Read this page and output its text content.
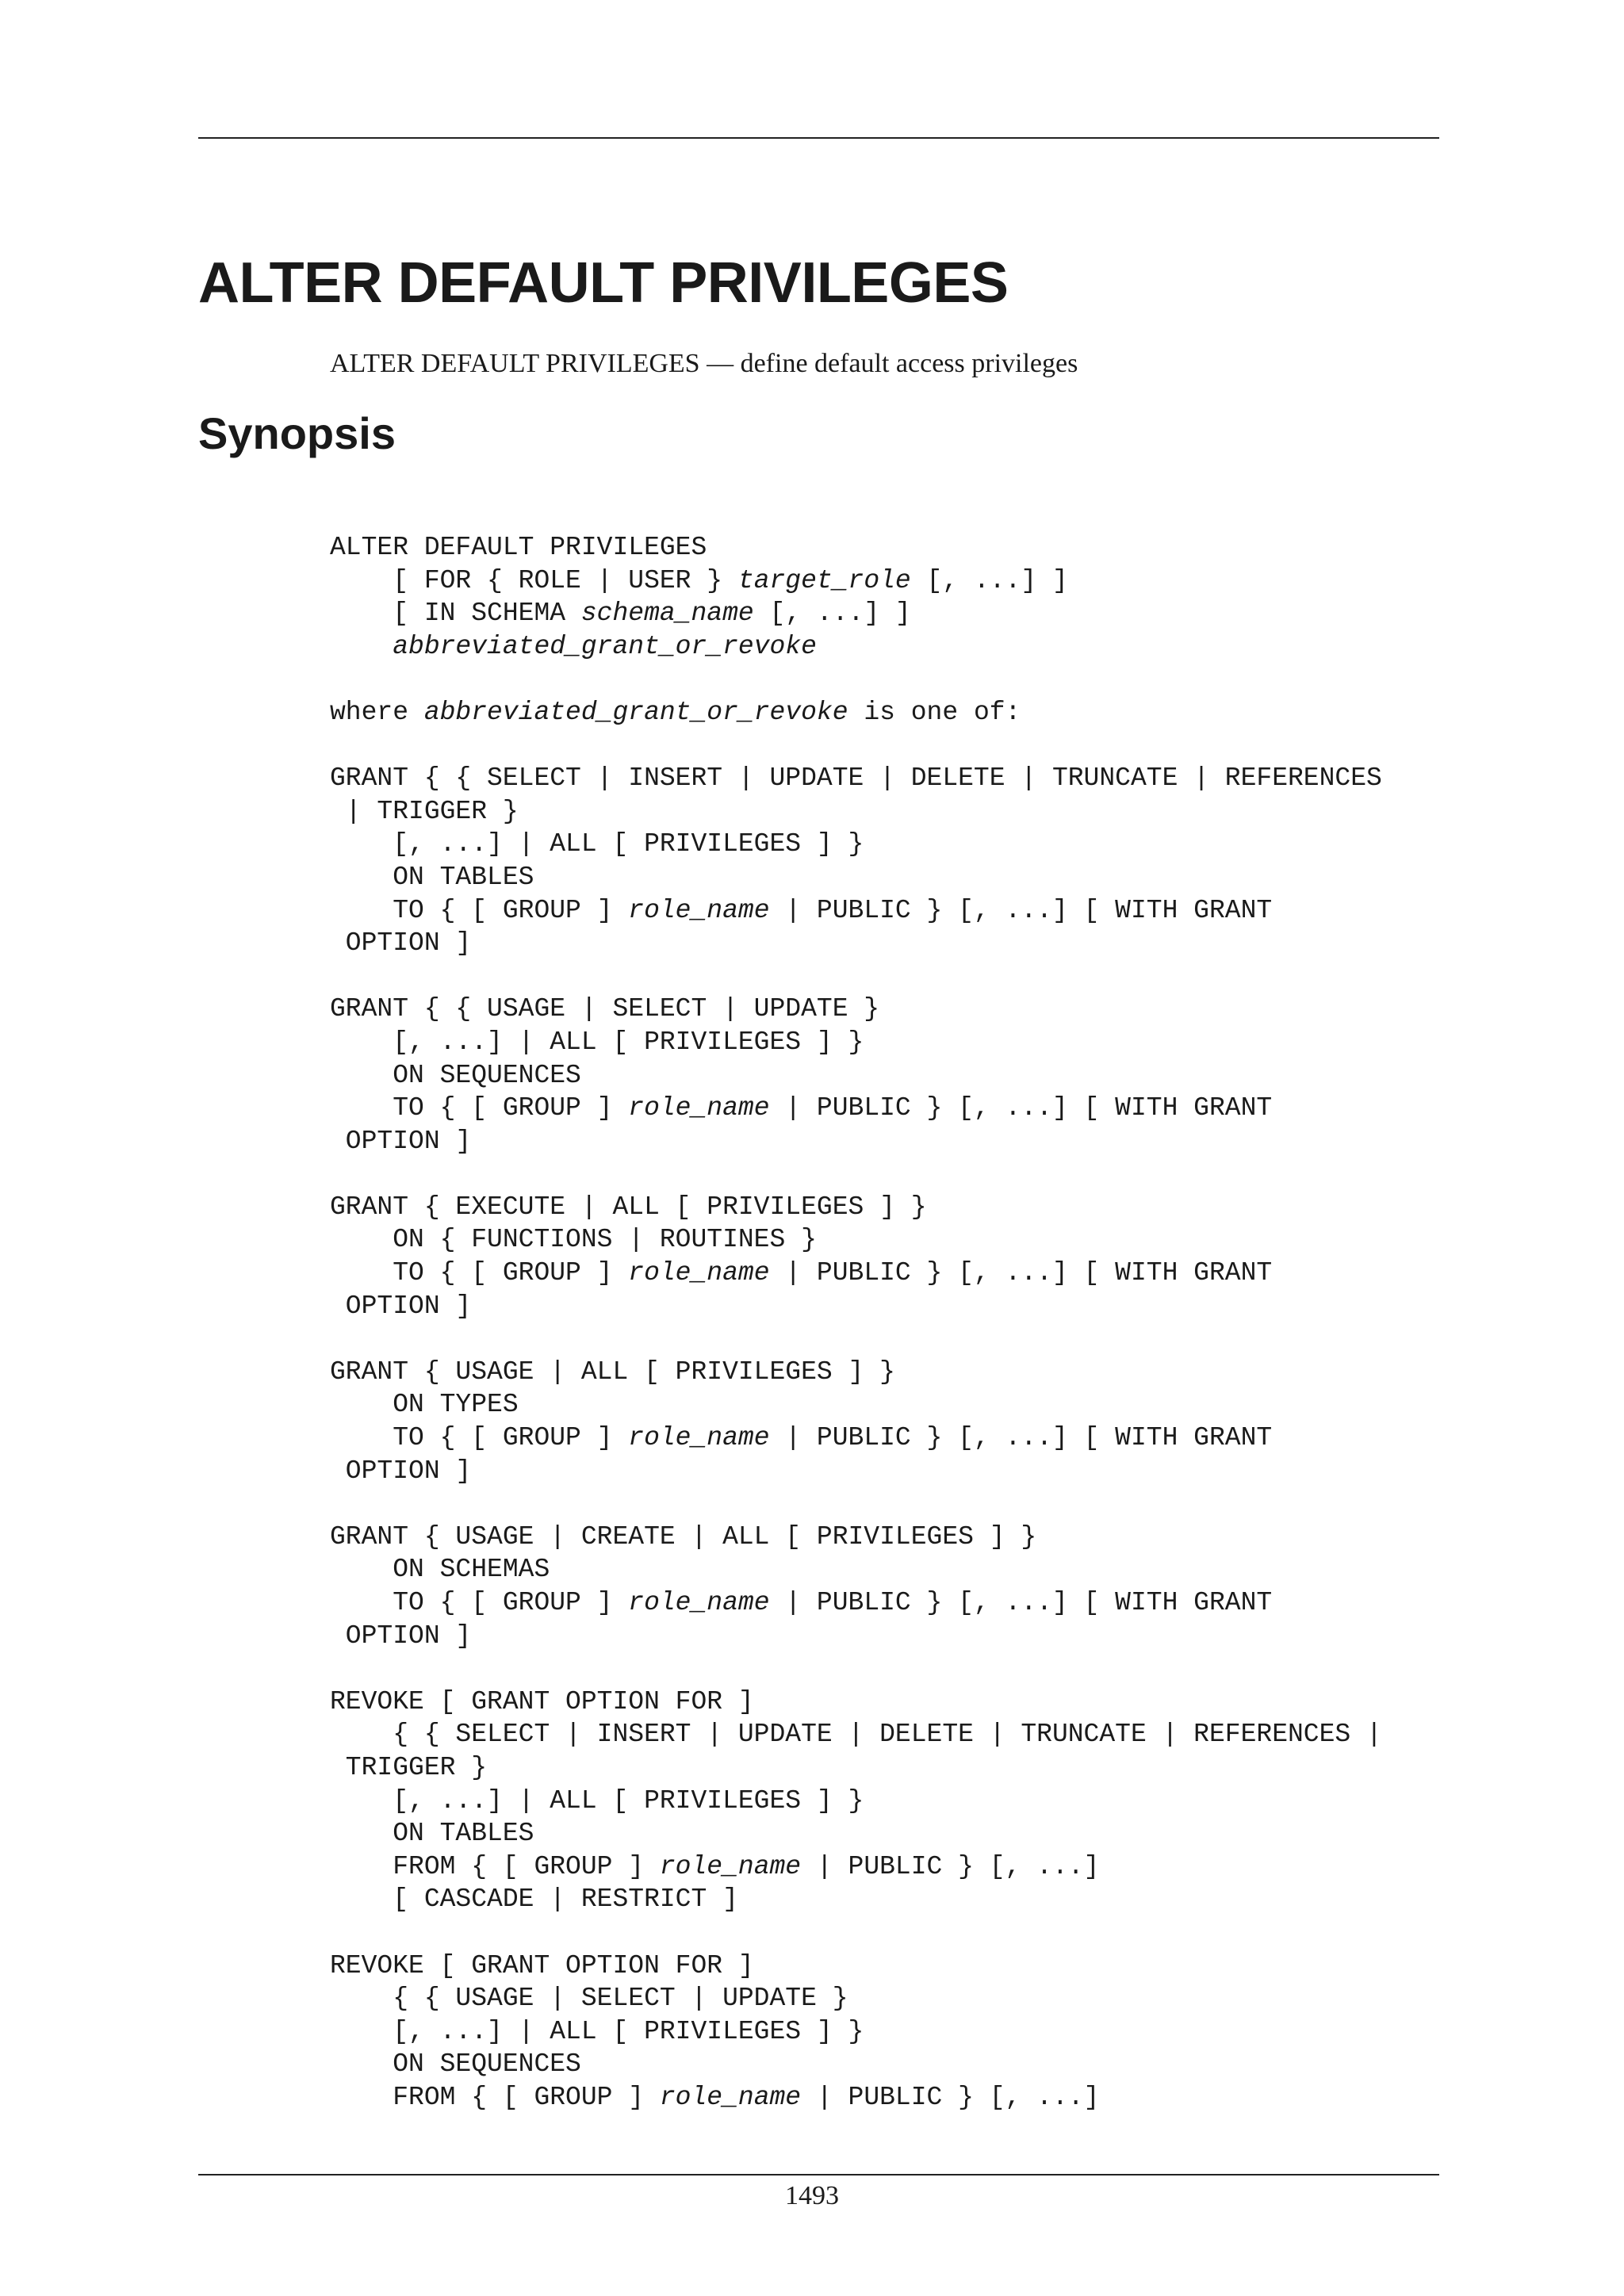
ALTER DEFAULT PRIVILEGES

ALTER DEFAULT PRIVILEGES — define default access privileges

Synopsis
ALTER DEFAULT PRIVILEGES
[ FOR { ROLE | USER } target_role [, ...] ]
[ IN SCHEMA schema_name [, ...] ]
abbreviated_grant_or_revoke
where abbreviated_grant_or_revoke is one of:
GRANT { { SELECT | INSERT | UPDATE | DELETE | TRUNCATE | REFERENCES
| TRIGGER }
[, ...] | ALL [ PRIVILEGES ] }
ON TABLES
TO { [ GROUP ] role_name | PUBLIC } [, ...] [ WITH GRANT
OPTION ]
GRANT { { USAGE | SELECT | UPDATE }
[, ...] | ALL [ PRIVILEGES ] }
ON SEQUENCES
TO { [ GROUP ] role_name | PUBLIC } [, ...] [ WITH GRANT
OPTION ]
GRANT { EXECUTE | ALL [ PRIVILEGES ] }
ON { FUNCTIONS | ROUTINES }
TO { [ GROUP ] role_name | PUBLIC } [, ...] [ WITH GRANT
OPTION ]
GRANT { USAGE | ALL [ PRIVILEGES ] }
ON TYPES
TO { [ GROUP ] role_name | PUBLIC } [, ...] [ WITH GRANT
OPTION ]
GRANT { USAGE | CREATE | ALL [ PRIVILEGES ] }
ON SCHEMAS
TO { [ GROUP ] role_name | PUBLIC } [, ...] [ WITH GRANT
OPTION ]
REVOKE [ GRANT OPTION FOR ]
{ { SELECT | INSERT | UPDATE | DELETE | TRUNCATE | REFERENCES |
TRIGGER }
[, ...] | ALL [ PRIVILEGES ] }
ON TABLES
FROM { [ GROUP ] role_name | PUBLIC } [, ...]
[ CASCADE | RESTRICT ]
REVOKE [ GRANT OPTION FOR ]
{ { USAGE | SELECT | UPDATE }
[, ...] | ALL [ PRIVILEGES ] }
ON SEQUENCES
FROM { [ GROUP ] role_name | PUBLIC } [, ...]
1493
